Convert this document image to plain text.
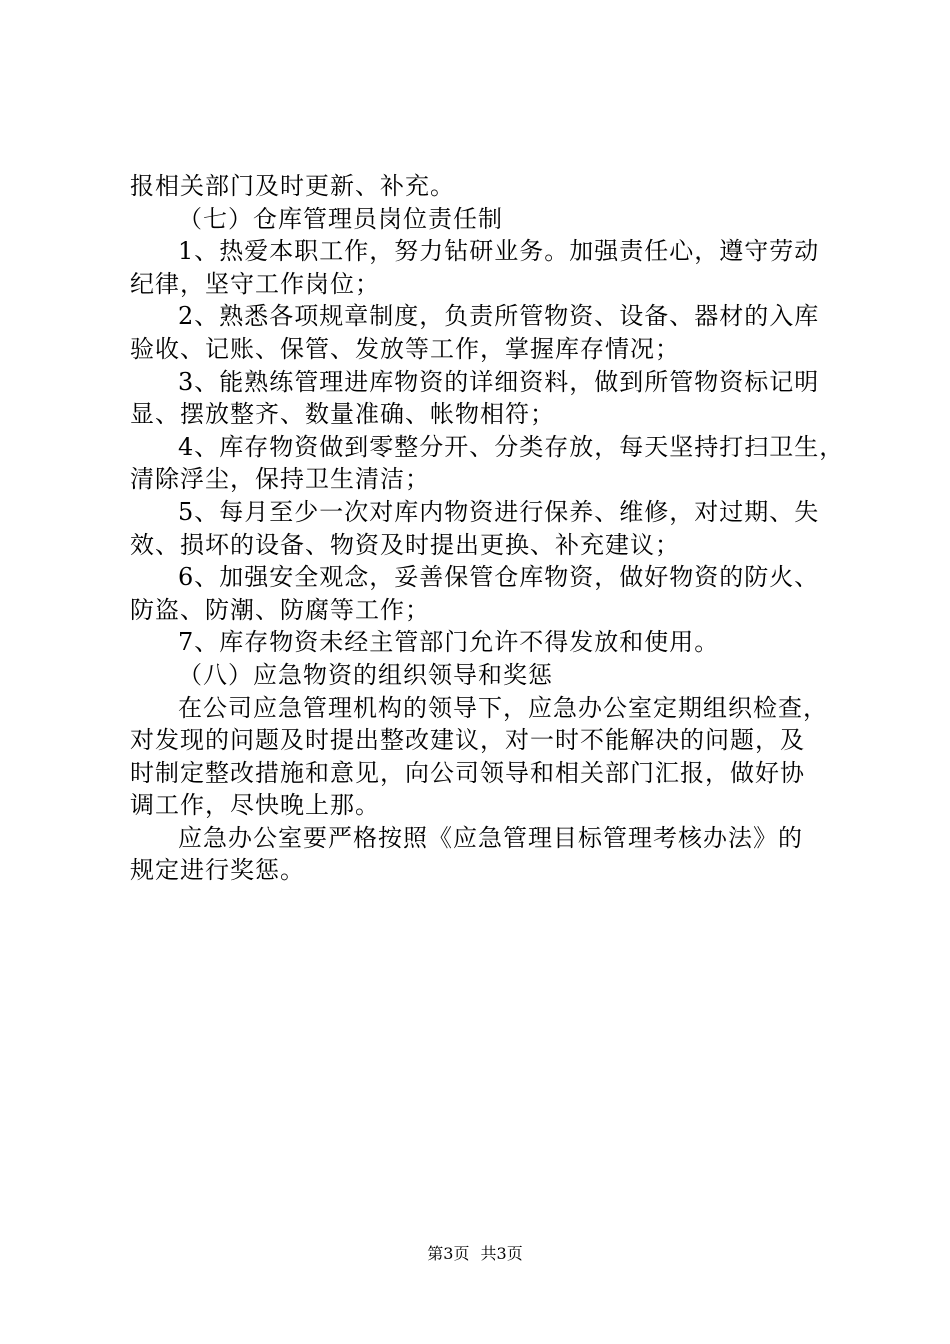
报相关部门及时更新、补充。
（七）仓库管理员岗位责任制
1、热爱本职工作，努力钻研业务。加强责任心，遵守劳动
纪律，坚守工作岗位；
2、熟悉各项规章制度，负责所管物资、设备、器材的入库
验收、记账、保管、发放等工作，掌握库存情况；
3、能熟练管理进库物资的详细资料，做到所管物资标记明
显、摆放整齐、数量准确、帐物相符；
4、库存物资做到零整分开、分类存放，每天坚持打扫卫生，
清除浮尘，保持卫生清洁；
5、每月至少一次对库内物资进行保养、维修，对过期、失
效、损坏的设备、物资及时提出更换、补充建议；
6、加强安全观念，妥善保管仓库物资，做好物资的防火、
防盗、防潮、防腐等工作；
7、库存物资未经主管部门允许不得发放和使用。
（八）应急物资的组织领导和奖惩
在公司应急管理机构的领导下，应急办公室定期组织检查，
对发现的问题及时提出整改建议，对一时不能解决的问题，及
时制定整改措施和意见，向公司领导和相关部门汇报，做好协
调工作，尽快晚上那。
应急办公室要严格按照《应急管理目标管理考核办法》的
规定进行奖惩。
第3页 共3页
